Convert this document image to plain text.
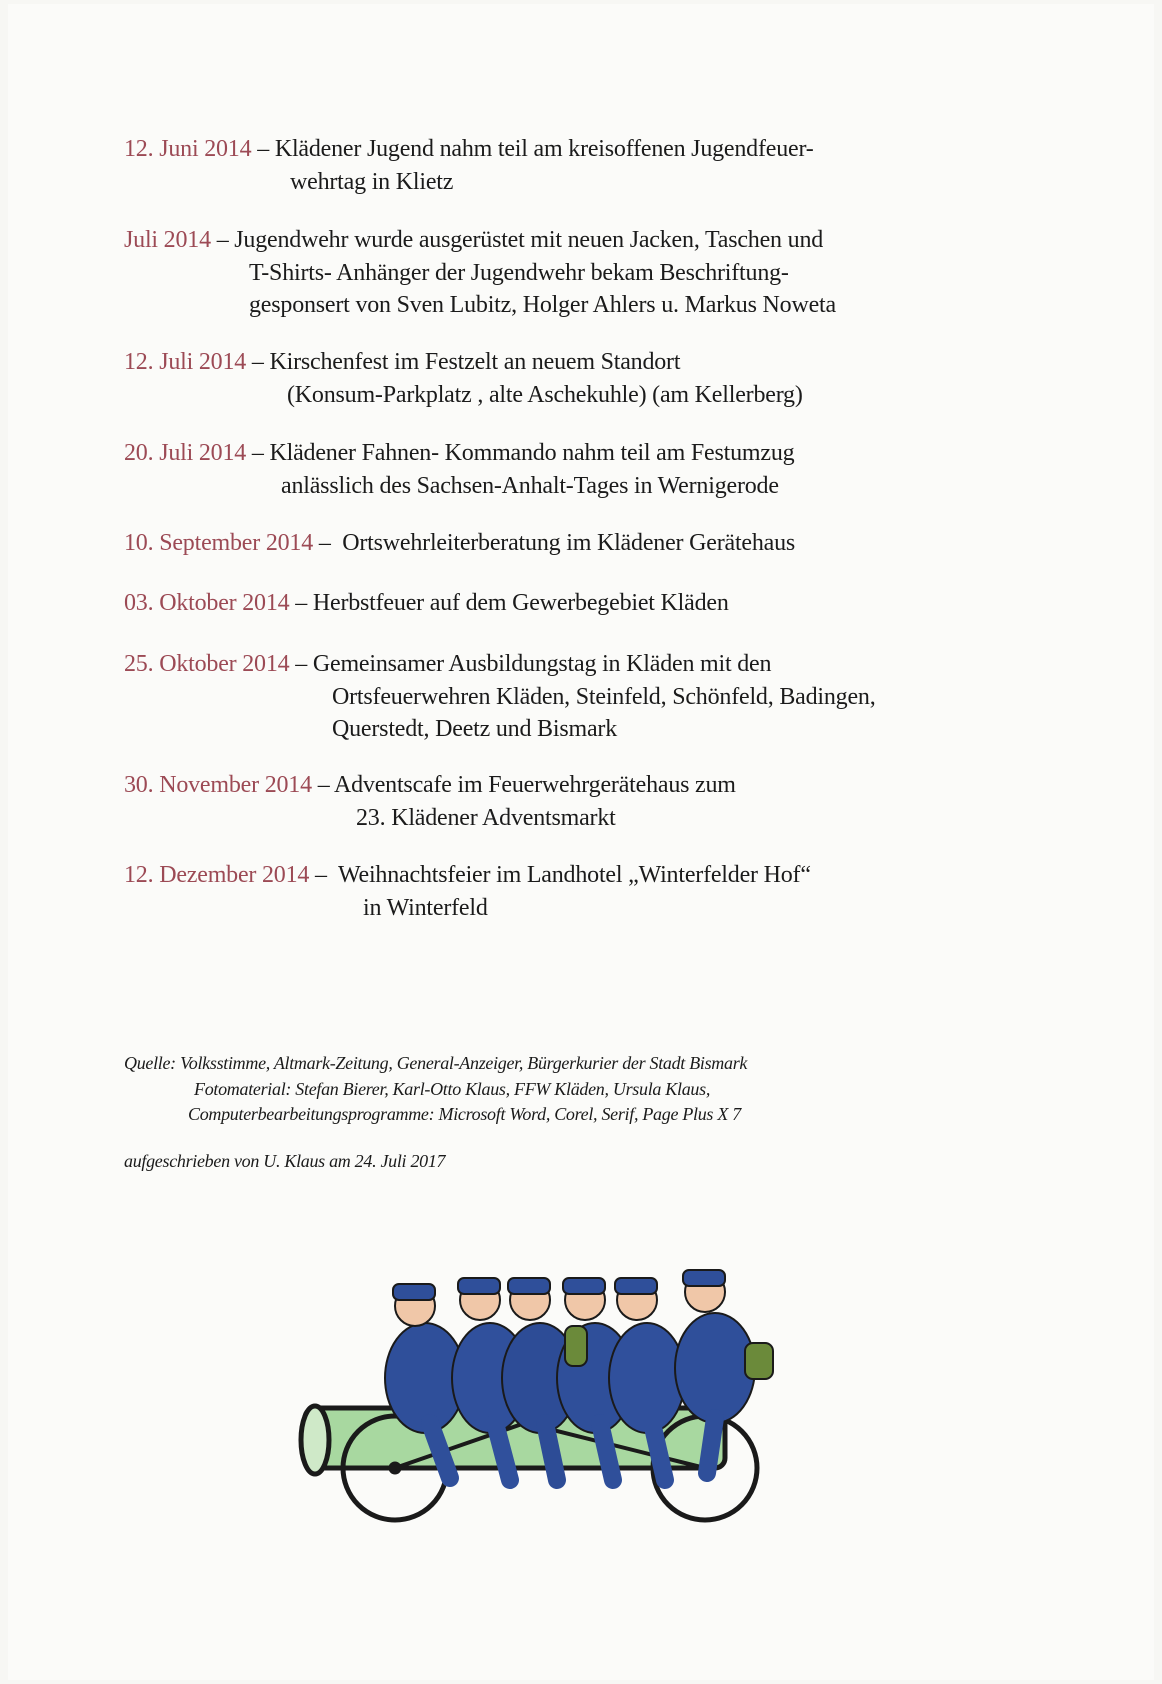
12. Juni 2014 – Klädener Jugend nahm teil am kreisoffenen Jugendfeuer-
wehrtag in Klietz
Juli 2014 – Jugendwehr wurde ausgerüstet mit neuen Jacken, Taschen und
T-Shirts- Anhänger der Jugendwehr bekam Beschriftung-
gesponsert von Sven Lubitz, Holger Ahlers u. Markus Noweta
12. Juli 2014 – Kirschenfest im Festzelt an neuem Standort
(Konsum-Parkplatz , alte Aschekuhle) (am Kellerberg)
20. Juli 2014 – Klädener Fahnen- Kommando nahm teil am Festumzug
anlässlich des Sachsen-Anhalt-Tages in Wernigerode
10. September 2014 –  Ortswehrleiterberatung im Klädener Gerätehaus
03. Oktober 2014 – Herbstfeuer auf dem Gewerbegebiet Kläden
25. Oktober 2014 – Gemeinsamer Ausbildungstag in Kläden mit den
Ortsfeuerwehren Kläden, Steinfeld, Schönfeld, Badingen,
Querstedt, Deetz und Bismark
30. November 2014 – Adventscafe im Feuerwehrgerätehaus zum
23. Klädener Adventsmarkt
12. Dezember 2014 –  Weihnachtsfeier im Landhotel „Winterfelder Hof“
in Winterfeld
Quelle: Volksstimme, Altmark-Zeitung, General-Anzeiger, Bürgerkurier der Stadt Bismark
Fotomaterial: Stefan Bierer, Karl-Otto Klaus, FFW Kläden, Ursula Klaus,
Computerbearbeitungsprogramme: Microsoft Word, Corel, Serif, Page Plus X 7
aufgeschrieben von U. Klaus am 24. Juli 2017
